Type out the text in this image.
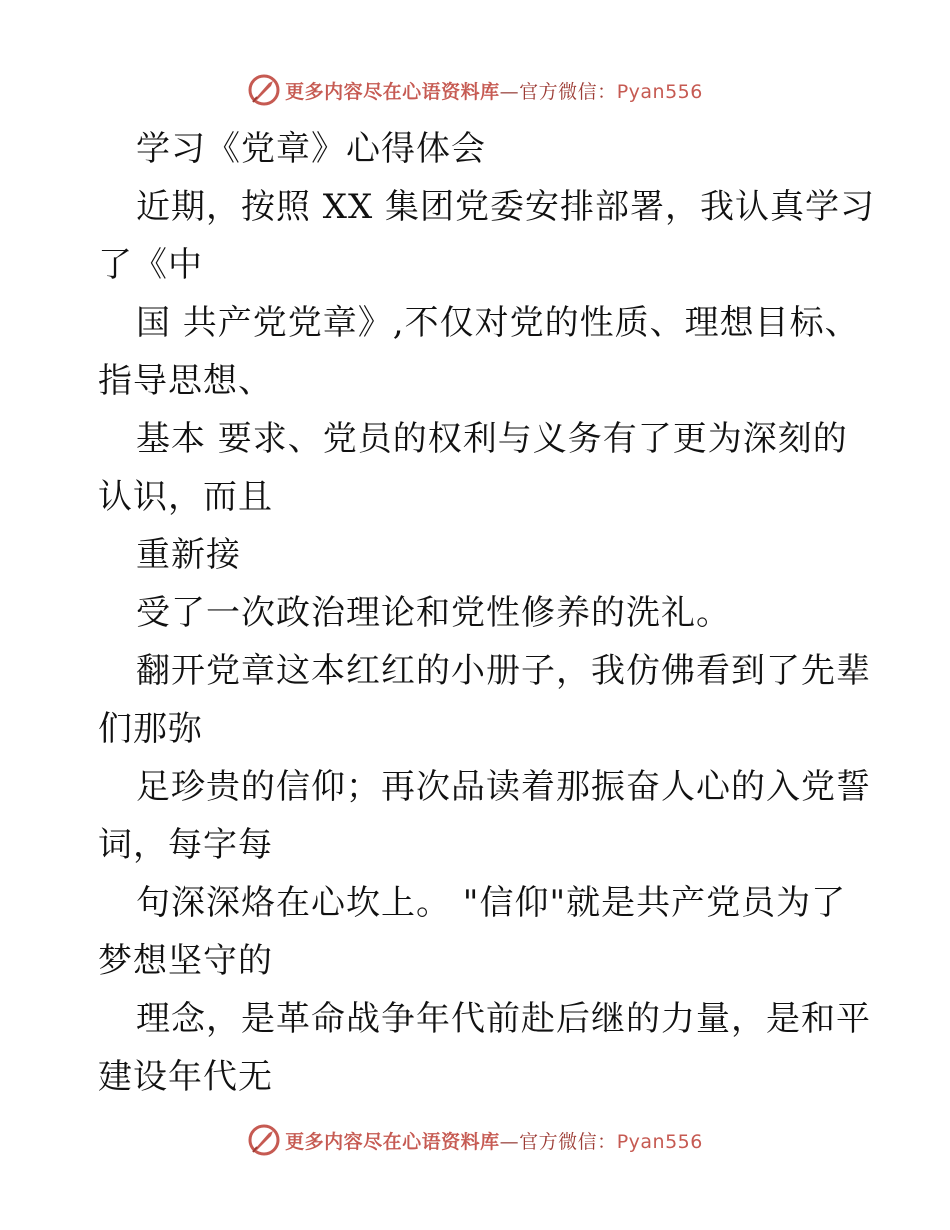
更多内容尽在心语资料库—官方微信：Pyan556
学习《党章》心得体会
近期，按照 XX 集团党委安排部署，我认真学习
了《中
国 共产党党章》,不仅对党的性质、理想目标、
指导思想、
基本 要求、党员的权利与义务有了更为深刻的
认识，而且
重新接
受了一次政治理论和党性修养的洗礼。
翻开党章这本红红的小册子，我仿佛看到了先辈
们那弥
足珍贵的信仰；再次品读着那振奋人心的入党誓
词，每字每
句深深烙在心坎上。 "信仰"就是共产党员为了
梦想坚守的
理念，是革命战争年代前赴后继的力量，是和平
建设年代无
更多内容尽在心语资料库—官方微信：Pyan556
